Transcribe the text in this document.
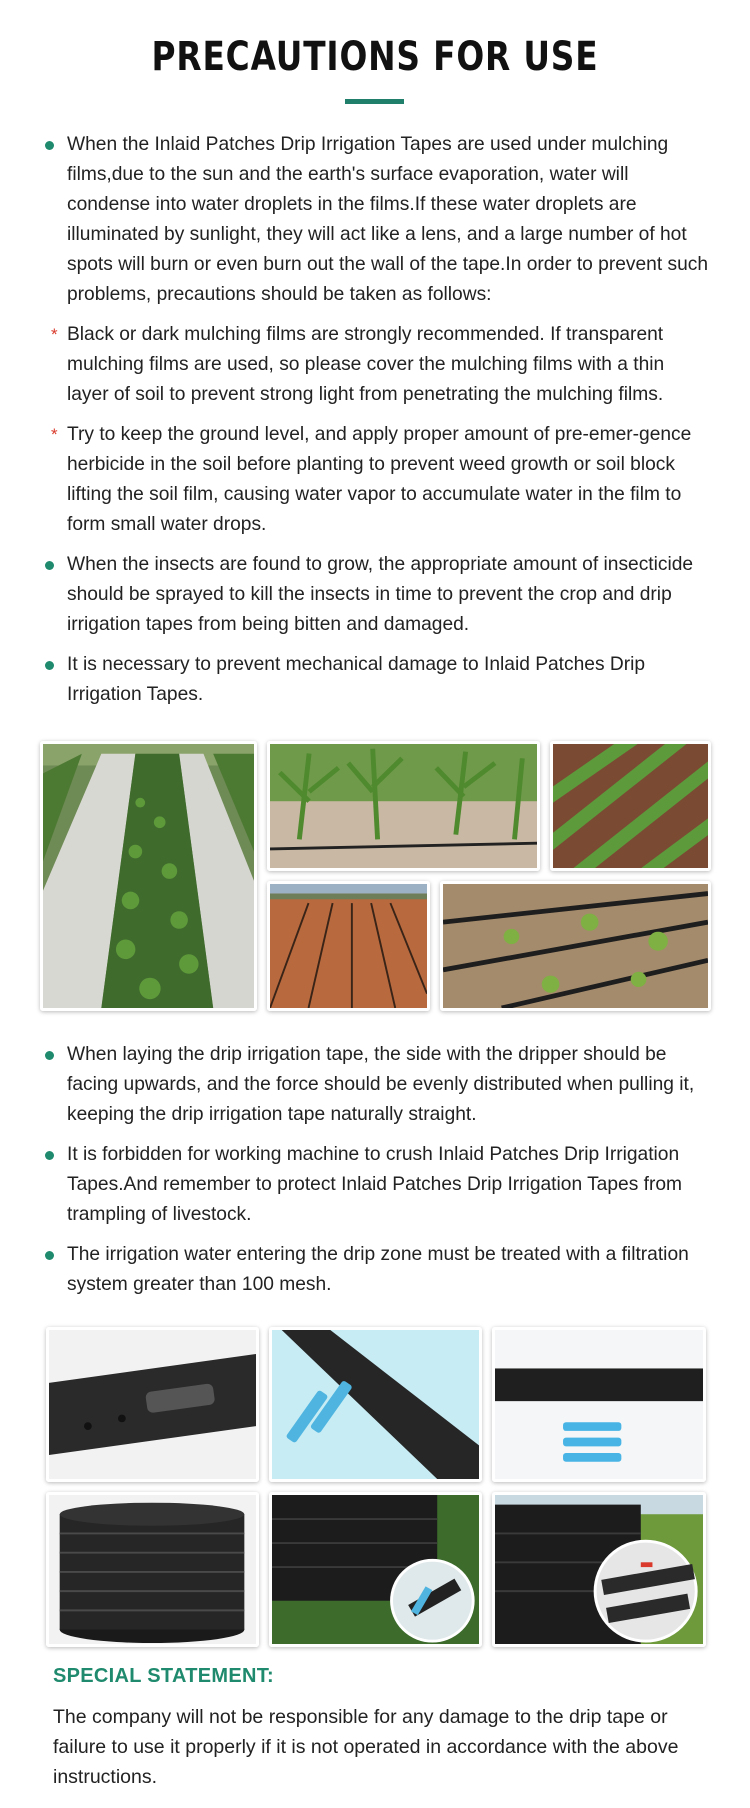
PRECAUTIONS FOR USE
When the Inlaid Patches Drip Irrigation Tapes are used under mulching films,due to the sun and the earth's surface evaporation, water will condense into water droplets in the films.If these water droplets are illuminated by sunlight, they will act like a lens, and a large number of hot spots will burn or even burn out the wall of the tape.In order to prevent such problems, precautions should be taken as follows:
* Black or dark mulching films are strongly recommended. If transparent mulching films are used, so please cover the mulching films with a thin layer of soil to prevent strong light from penetrating the mulching films.
* Try to keep the ground level, and apply proper amount of pre-emer-gence herbicide in the soil before planting to prevent weed growth or soil block lifting the soil film, causing water vapor to accumulate water in the film to form small water drops.
When the insects are found to grow, the appropriate amount of insecticide should be sprayed to kill the insects in time to prevent the crop and drip irrigation tapes from being bitten and damaged.
It is necessary to prevent mechanical damage to Inlaid Patches Drip Irrigation Tapes.
When laying the drip irrigation tape, the side with the dripper should be facing upwards, and the force should be evenly distributed when pulling it, keeping the drip irrigation tape naturally straight.
It is forbidden for working machine to crush Inlaid Patches Drip Irrigation Tapes.And remember to protect Inlaid Patches Drip Irrigation Tapes from trampling of livestock.
The irrigation water entering the drip zone must be treated with a filtration system greater than 100 mesh.
SPECIAL STATEMENT:
The company will not be responsible for any damage to the drip tape or failure to use it properly if it is not operated in accordance with the above instructions.
